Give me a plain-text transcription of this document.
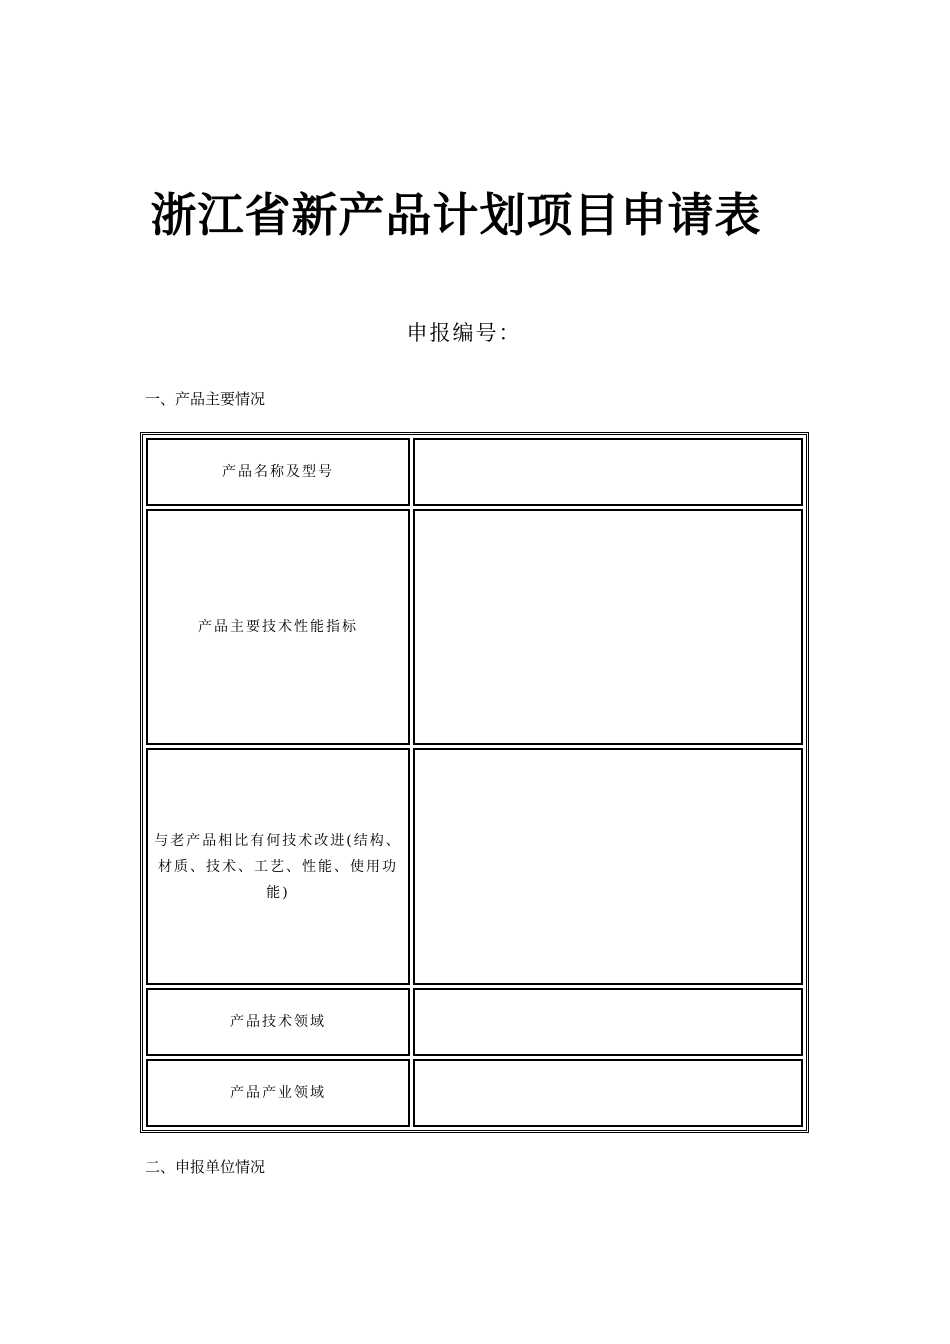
浙江省新产品计划项目申请表
申报编号：
一、产品主要情况
产品名称及型号	
产品主要技术性能指标	
与老产品相比有何技术改进(结构、材质、技术、工艺、性能、使用功能)	
产品技术领域	
产品产业领域	
二、申报单位情况
